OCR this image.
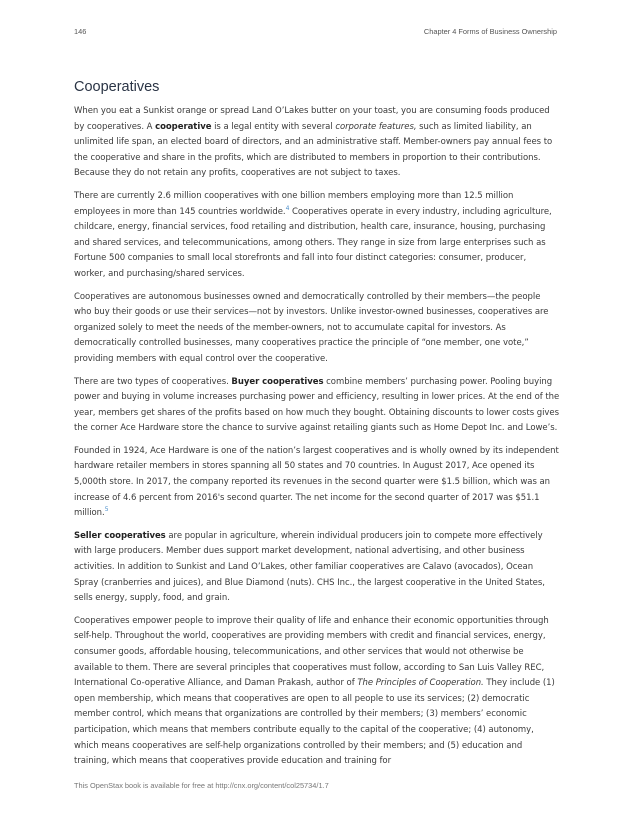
146	Chapter 4 Forms of Business Ownership
Cooperatives

When you eat a Sunkist orange or spread Land O’Lakes butter on your toast, you are consuming foods produced by cooperatives. A cooperative is a legal entity with several corporate features, such as limited liability, an unlimited life span, an elected board of directors, and an administrative staff. Member-owners pay annual fees to the cooperative and share in the profits, which are distributed to members in proportion to their contributions. Because they do not retain any profits, cooperatives are not subject to taxes.

There are currently 2.6 million cooperatives with one billion members employing more than 12.5 million employees in more than 145 countries worldwide.$^4$ Cooperatives operate in every industry, including agriculture, childcare, energy, financial services, food retailing and distribution, health care, insurance, housing, purchasing and shared services, and telecommunications, among others. They range in size from large enterprises such as Fortune 500 companies to small local storefronts and fall into four distinct categories: consumer, producer, worker, and purchasing/shared services.

Cooperatives are autonomous businesses owned and democratically controlled by their members—the people who buy their goods or use their services—not by investors. Unlike investor-owned businesses, cooperatives are organized solely to meet the needs of the member-owners, not to accumulate capital for investors. As democratically controlled businesses, many cooperatives practice the principle of “one member, one vote,” providing members with equal control over the cooperative.

There are two types of cooperatives. Buyer cooperatives combine members’ purchasing power. Pooling buying power and buying in volume increases purchasing power and efficiency, resulting in lower prices. At the end of the year, members get shares of the profits based on how much they bought. Obtaining discounts to lower costs gives the corner Ace Hardware store the chance to survive against retailing giants such as Home Depot Inc. and Lowe’s.

Founded in 1924, Ace Hardware is one of the nation’s largest cooperatives and is wholly owned by its independent hardware retailer members in stores spanning all 50 states and 70 countries. In August 2017, Ace opened its 5,000th store. In 2017, the company reported its revenues in the second quarter were $1.5 billion, which was an increase of 4.6 percent from 2016's second quarter. The net income for the second quarter of 2017 was $51.1 million.$^5$

Seller cooperatives are popular in agriculture, wherein individual producers join to compete more effectively with large producers. Member dues support market development, national advertising, and other business activities. In addition to Sunkist and Land O’Lakes, other familiar cooperatives are Calavo (avocados), Ocean Spray (cranberries and juices), and Blue Diamond (nuts). CHS Inc., the largest cooperative in the United States, sells energy, supply, food, and grain.

Cooperatives empower people to improve their quality of life and enhance their economic opportunities through self-help. Throughout the world, cooperatives are providing members with credit and financial services, energy, consumer goods, affordable housing, telecommunications, and other services that would not otherwise be available to them. There are several principles that cooperatives must follow, according to San Luis Valley REC, International Co-operative Alliance, and Daman Prakash, author of The Principles of Cooperation. They include (1) open membership, which means that cooperatives are open to all people to use its services; (2) democratic member control, which means that organizations are controlled by their members; (3) members’ economic participation, which means that members contribute equally to the capital of the cooperative; (4) autonomy, which means cooperatives are self-help organizations controlled by their members; and (5) education and training, which means that cooperatives provide education and training for

This OpenStax book is available for free at http://cnx.org/content/col25734/1.7
